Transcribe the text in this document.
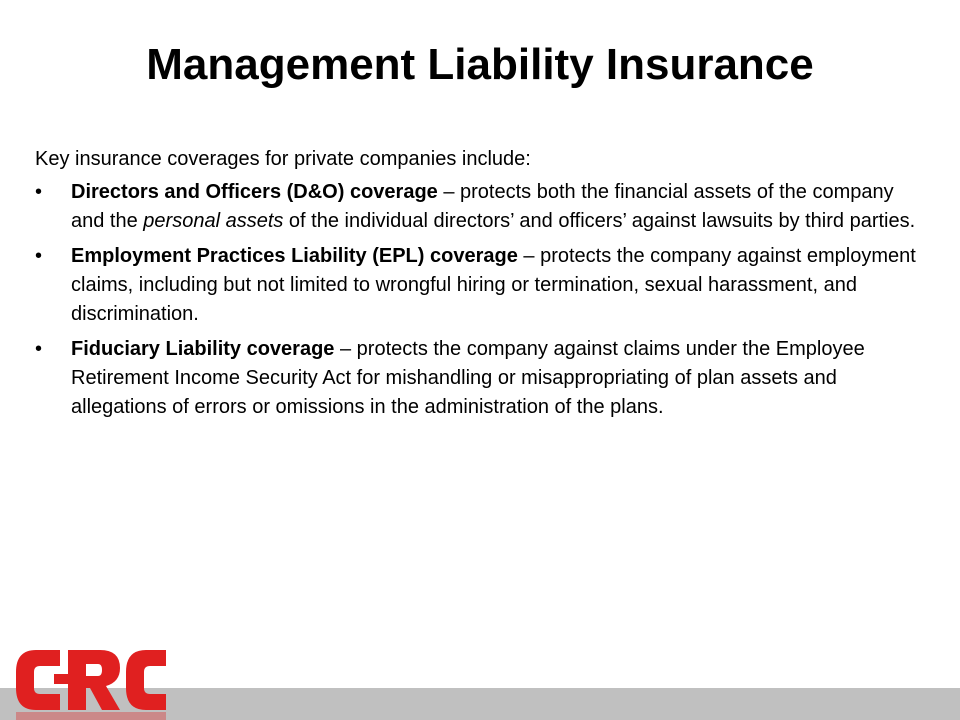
Management Liability Insurance

Key insurance coverages for private companies include:

• Directors and Officers (D&O) coverage – protects both the financial assets of the company and the personal assets of the individual directors’ and officers’ against lawsuits by third parties.
• Employment Practices Liability (EPL) coverage – protects the company against employment claims, including but not limited to wrongful hiring or termination, sexual harassment, and discrimination.
• Fiduciary Liability coverage – protects the company against claims under the Employee Retirement Income Security Act for mishandling or misappropriating of plan assets and allegations of errors or omissions in the administration of the plans.
